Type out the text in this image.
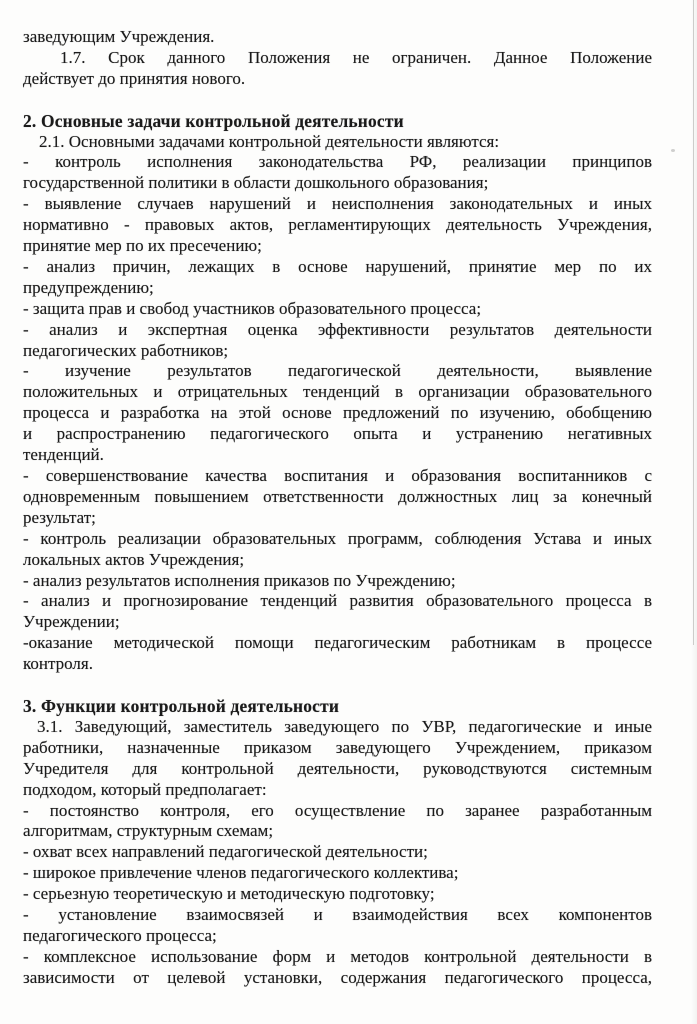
заведующим Учреждения.
1.7. Срок данного Положения не ограничен. Данное Положение
действует до принятия нового.
2. Основные задачи контрольной деятельности
2.1. Основными задачами контрольной деятельности являются:
- контроль исполнения законодательства РФ, реализации принципов
государственной политики в области дошкольного образования;
- выявление случаев нарушений и неисполнения законодательных и иных
нормативно - правовых актов, регламентирующих деятельность Учреждения,
принятие мер по их пресечению;
- анализ причин, лежащих в основе нарушений, принятие мер по их
предупреждению;
- защита прав и свобод участников образовательного процесса;
- анализ и экспертная оценка эффективности результатов деятельности
педагогических работников;
- изучение результатов педагогической деятельности, выявление
положительных и отрицательных тенденций в организации образовательного
процесса и разработка на этой основе предложений по изучению, обобщению
и распространению педагогического опыта и устранению негативных
тенденций.
- совершенствование качества воспитания и образования воспитанников с
одновременным повышением ответственности должностных лиц за конечный
результат;
- контроль реализации образовательных программ, соблюдения Устава и иных
локальных актов Учреждения;
- анализ результатов исполнения приказов по Учреждению;
- анализ и прогнозирование тенденций развития образовательного процесса в
Учреждении;
-оказание методической помощи педагогическим работникам в процессе
контроля.
3. Функции контрольной деятельности
3.1. Заведующий, заместитель заведующего по УВР, педагогические и иные
работники, назначенные приказом заведующего Учреждением, приказом
Учредителя для контрольной деятельности, руководствуются системным
подходом, который предполагает:
- постоянство контроля, его осуществление по заранее разработанным
алгоритмам, структурным схемам;
- охват всех направлений педагогической деятельности;
- широкое привлечение членов педагогического коллектива;
- серьезную теоретическую и методическую подготовку;
- установление взаимосвязей и взаимодействия всех компонентов
педагогического процесса;
- комплексное использование форм и методов контрольной деятельности в
зависимости от целевой установки, содержания педагогического процесса,
